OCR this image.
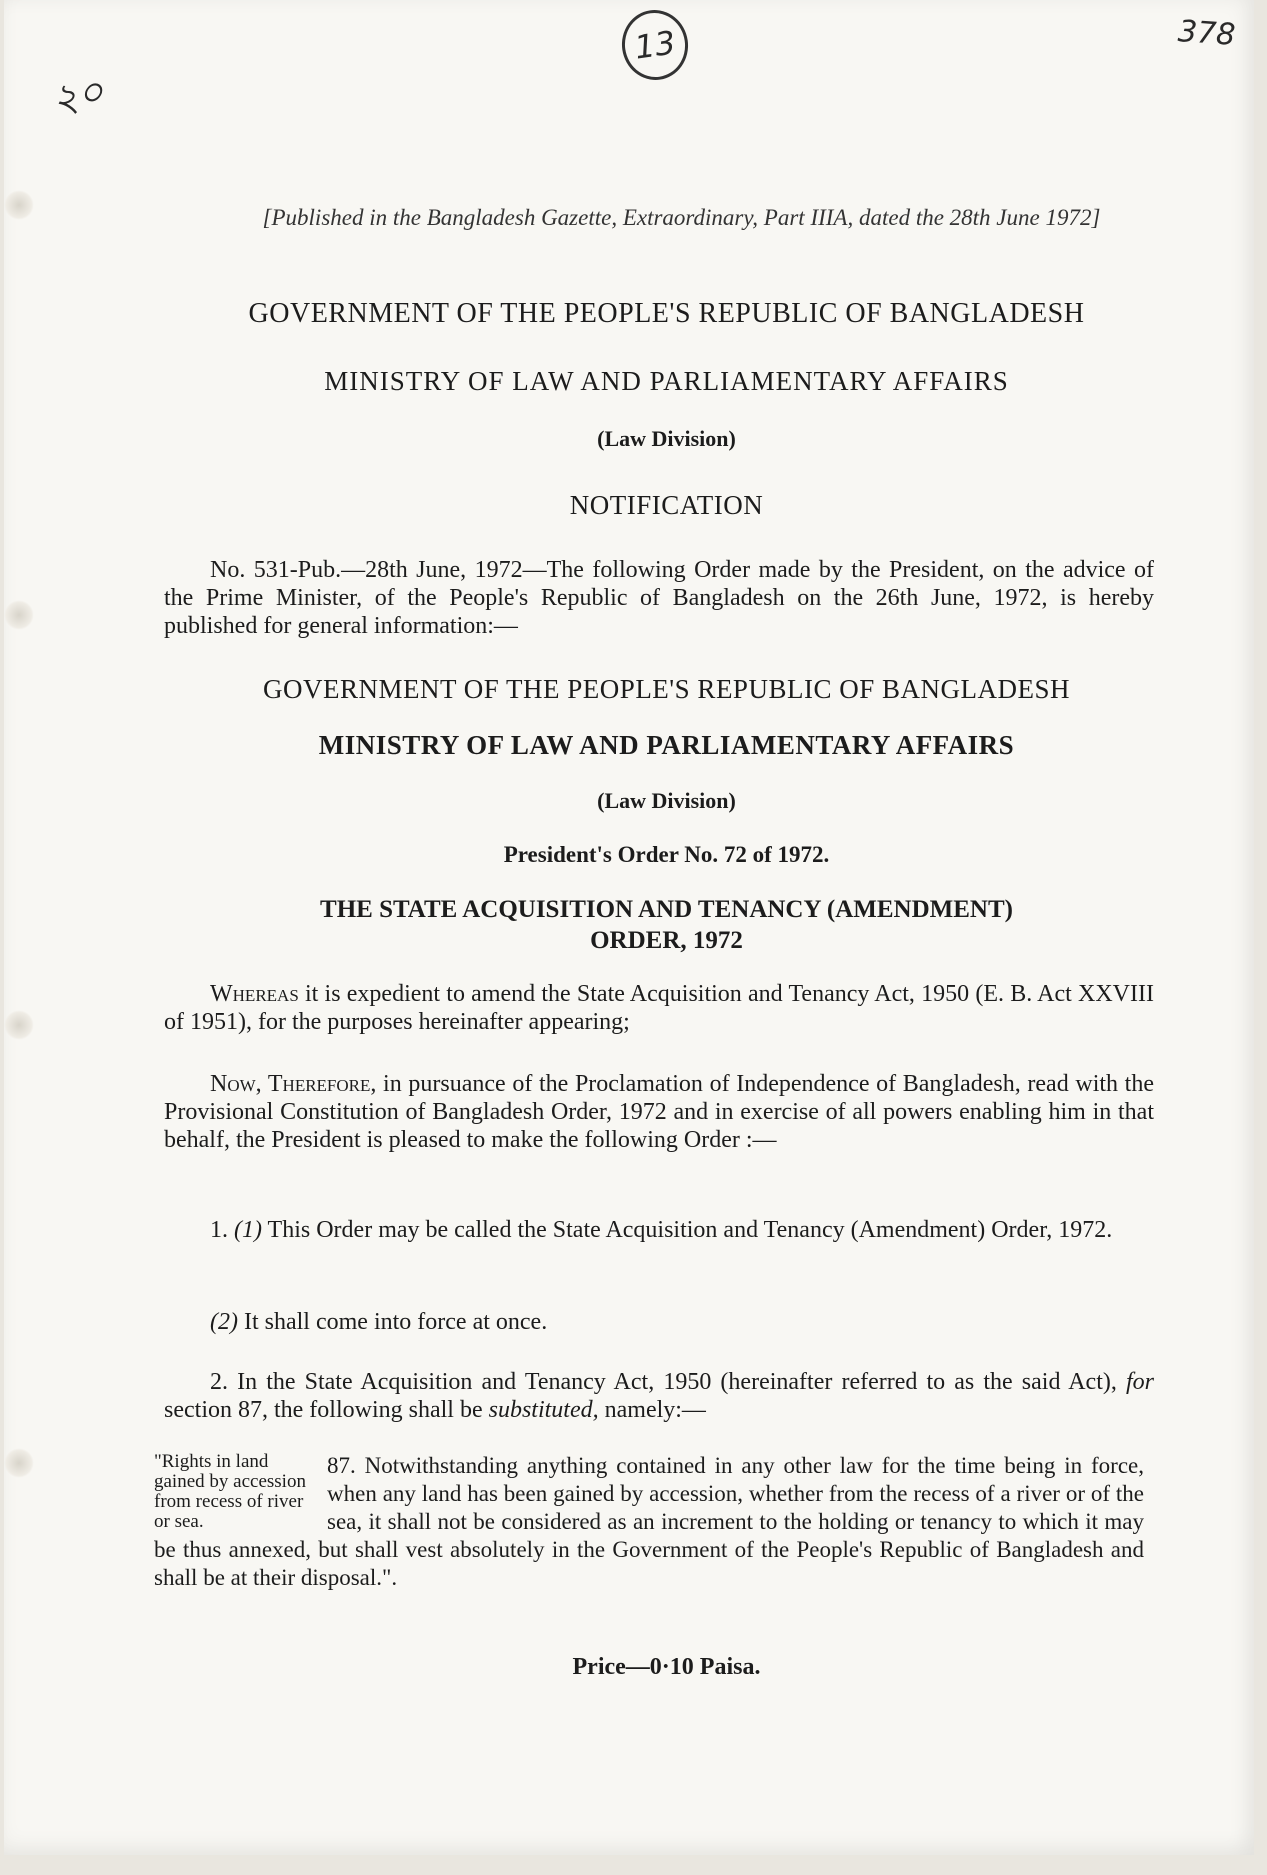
২০
13	378
[Published in the Bangladesh Gazette, Extraordinary, Part IIIA, dated the 28th June 1972]
GOVERNMENT OF THE PEOPLE'S REPUBLIC OF BANGLADESH
MINISTRY OF LAW AND PARLIAMENTARY AFFAIRS
(Law Division)
NOTIFICATION
No. 531-Pub.—28th June, 1972—The following Order made by the President, on the advice of the Prime Minister, of the People's Republic of Bangladesh on the 26th June, 1972, is hereby published for general information:—
GOVERNMENT OF THE PEOPLE'S REPUBLIC OF BANGLADESH
MINISTRY OF LAW AND PARLIAMENTARY AFFAIRS
(Law Division)
President's Order No. 72 of 1972.
THE STATE ACQUISITION AND TENANCY (AMENDMENT)
ORDER, 1972
Whereas it is expedient to amend the State Acquisition and Tenancy Act, 1950 (E. B. Act XXVIII of 1951), for the purposes hereinafter appearing;
Now, Therefore, in pursuance of the Proclamation of Independence of Bangladesh, read with the Provisional Constitution of Bangladesh Order, 1972 and in exercise of all powers enabling him in that behalf, the President is pleased to make the following Order :—
1. (1) This Order may be called the State Acquisition and Tenancy (Amendment) Order, 1972.
(2) It shall come into force at once.
2. In the State Acquisition and Tenancy Act, 1950 (hereinafter referred to as the said Act), for section 87, the following shall be substituted, namely:—
"Rights in land gained by accession from recess of river or sea.
87. Notwithstanding anything contained in any other law for the time being in force, when any land has been gained by accession, whether from the recess of a river or of the sea, it shall not be considered as an increment to the holding or tenancy to which it may be thus annexed, but shall vest absolutely in the Government of the People's Republic of Bangladesh and shall be at their disposal.".
Price—0·10 Paisa.
